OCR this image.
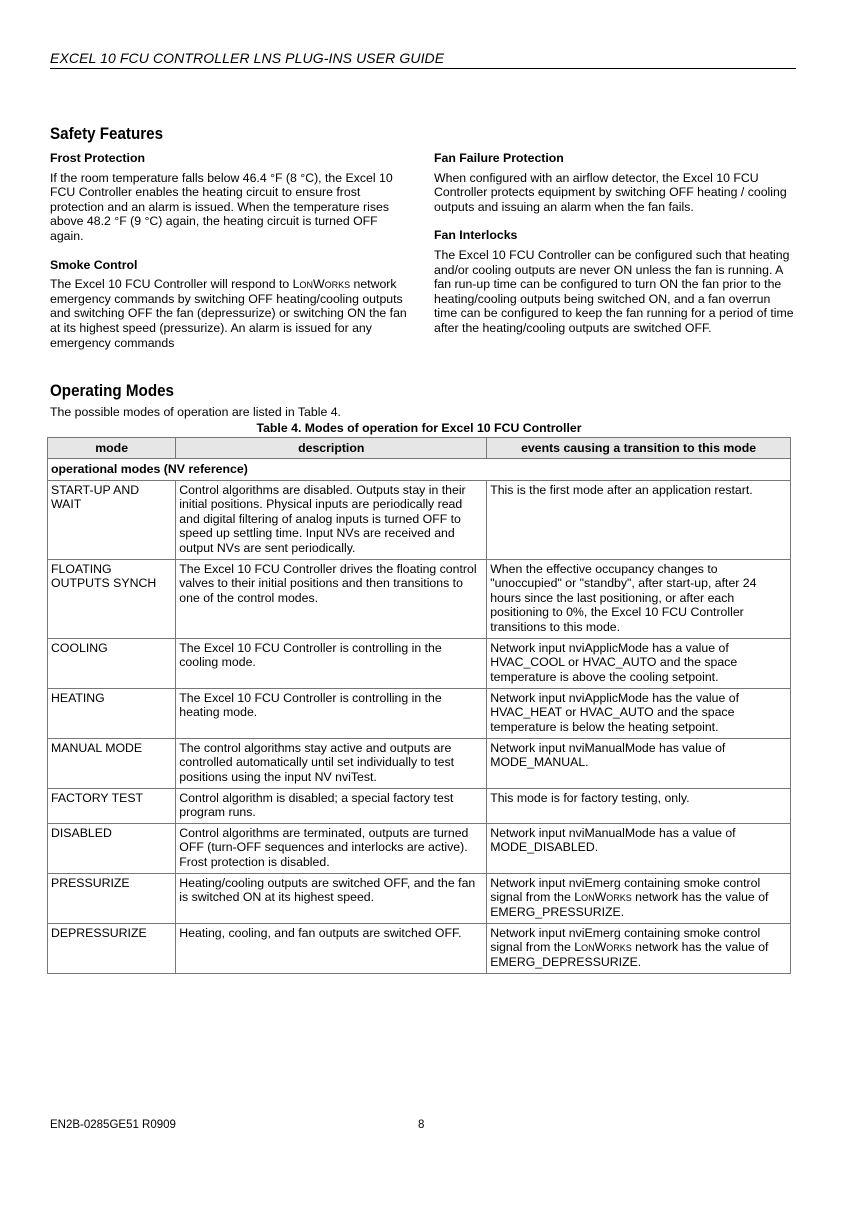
EXCEL 10 FCU CONTROLLER LNS PLUG-INS USER GUIDE
Safety Features
Frost Protection

If the room temperature falls below 46.4 °F (8 °C), the Excel 10 FCU Controller enables the heating circuit to ensure frost protection and an alarm is issued. When the temperature rises above 48.2 °F (9 °C) again, the heating circuit is turned OFF again.

Smoke Control

The Excel 10 FCU Controller will respond to LonWorks network emergency commands by switching OFF heating/cooling outputs and switching OFF the fan (depressurize) or switching ON the fan at its highest speed (pressurize). An alarm is issued for any emergency commands

Fan Failure Protection

When configured with an airflow detector, the Excel 10 FCU Controller protects equipment by switching OFF heating / cooling outputs and issuing an alarm when the fan fails.

Fan Interlocks

The Excel 10 FCU Controller can be configured such that heating and/or cooling outputs are never ON unless the fan is running. A fan run-up time can be configured to turn ON the fan prior to the heating/cooling outputs being switched ON, and a fan overrun time can be configured to keep the fan running for a period of time after the heating/cooling outputs are switched OFF.

Operating Modes
The possible modes of operation are listed in Table 4.
Table 4. Modes of operation for Excel 10 FCU Controller
mode	description	events causing a transition to this mode
operational modes (NV reference)		
START-UP AND WAIT	Control algorithms are disabled. Outputs stay in their initial positions. Physical inputs are periodically read and digital filtering of analog inputs is turned OFF to speed up settling time. Input NVs are received and output NVs are sent periodically.	This is the first mode after an application restart.
FLOATING OUTPUTS SYNCH	The Excel 10 FCU Controller drives the floating control valves to their initial positions and then transitions to one of the control modes.	When the effective occupancy changes to "unoccupied" or "standby", after start-up, after 24 hours since the last positioning, or after each positioning to 0%, the Excel 10 FCU Controller transitions to this mode.
COOLING	The Excel 10 FCU Controller is controlling in the cooling mode.	Network input nviApplicMode has a value of HVAC_COOL or HVAC_AUTO and the space temperature is above the cooling setpoint.
HEATING	The Excel 10 FCU Controller is controlling in the heating mode.	Network input nviApplicMode has the value of HVAC_HEAT or HVAC_AUTO and the space temperature is below the heating setpoint.
MANUAL MODE	The control algorithms stay active and outputs are controlled automatically until set individually to test positions using the input NV nviTest.	Network input nviManualMode has value of MODE_MANUAL.
FACTORY TEST	Control algorithm is disabled; a special factory test program runs.	This mode is for factory testing, only.
DISABLED	Control algorithms are terminated, outputs are turned OFF (turn-OFF sequences and interlocks are active). Frost protection is disabled.	Network input nviManualMode has a value of MODE_DISABLED.
PRESSURIZE	Heating/cooling outputs are switched OFF, and the fan is switched ON at its highest speed.	Network input nviEmerg containing smoke control signal from the LonWorks network has the value of EMERG_PRESSURIZE.
DEPRESSURIZE	Heating, cooling, and fan outputs are switched OFF.	Network input nviEmerg containing smoke control signal from the LonWorks network has the value of EMERG_DEPRESSURIZE.
EN2B-0285GE51 R0909	8
